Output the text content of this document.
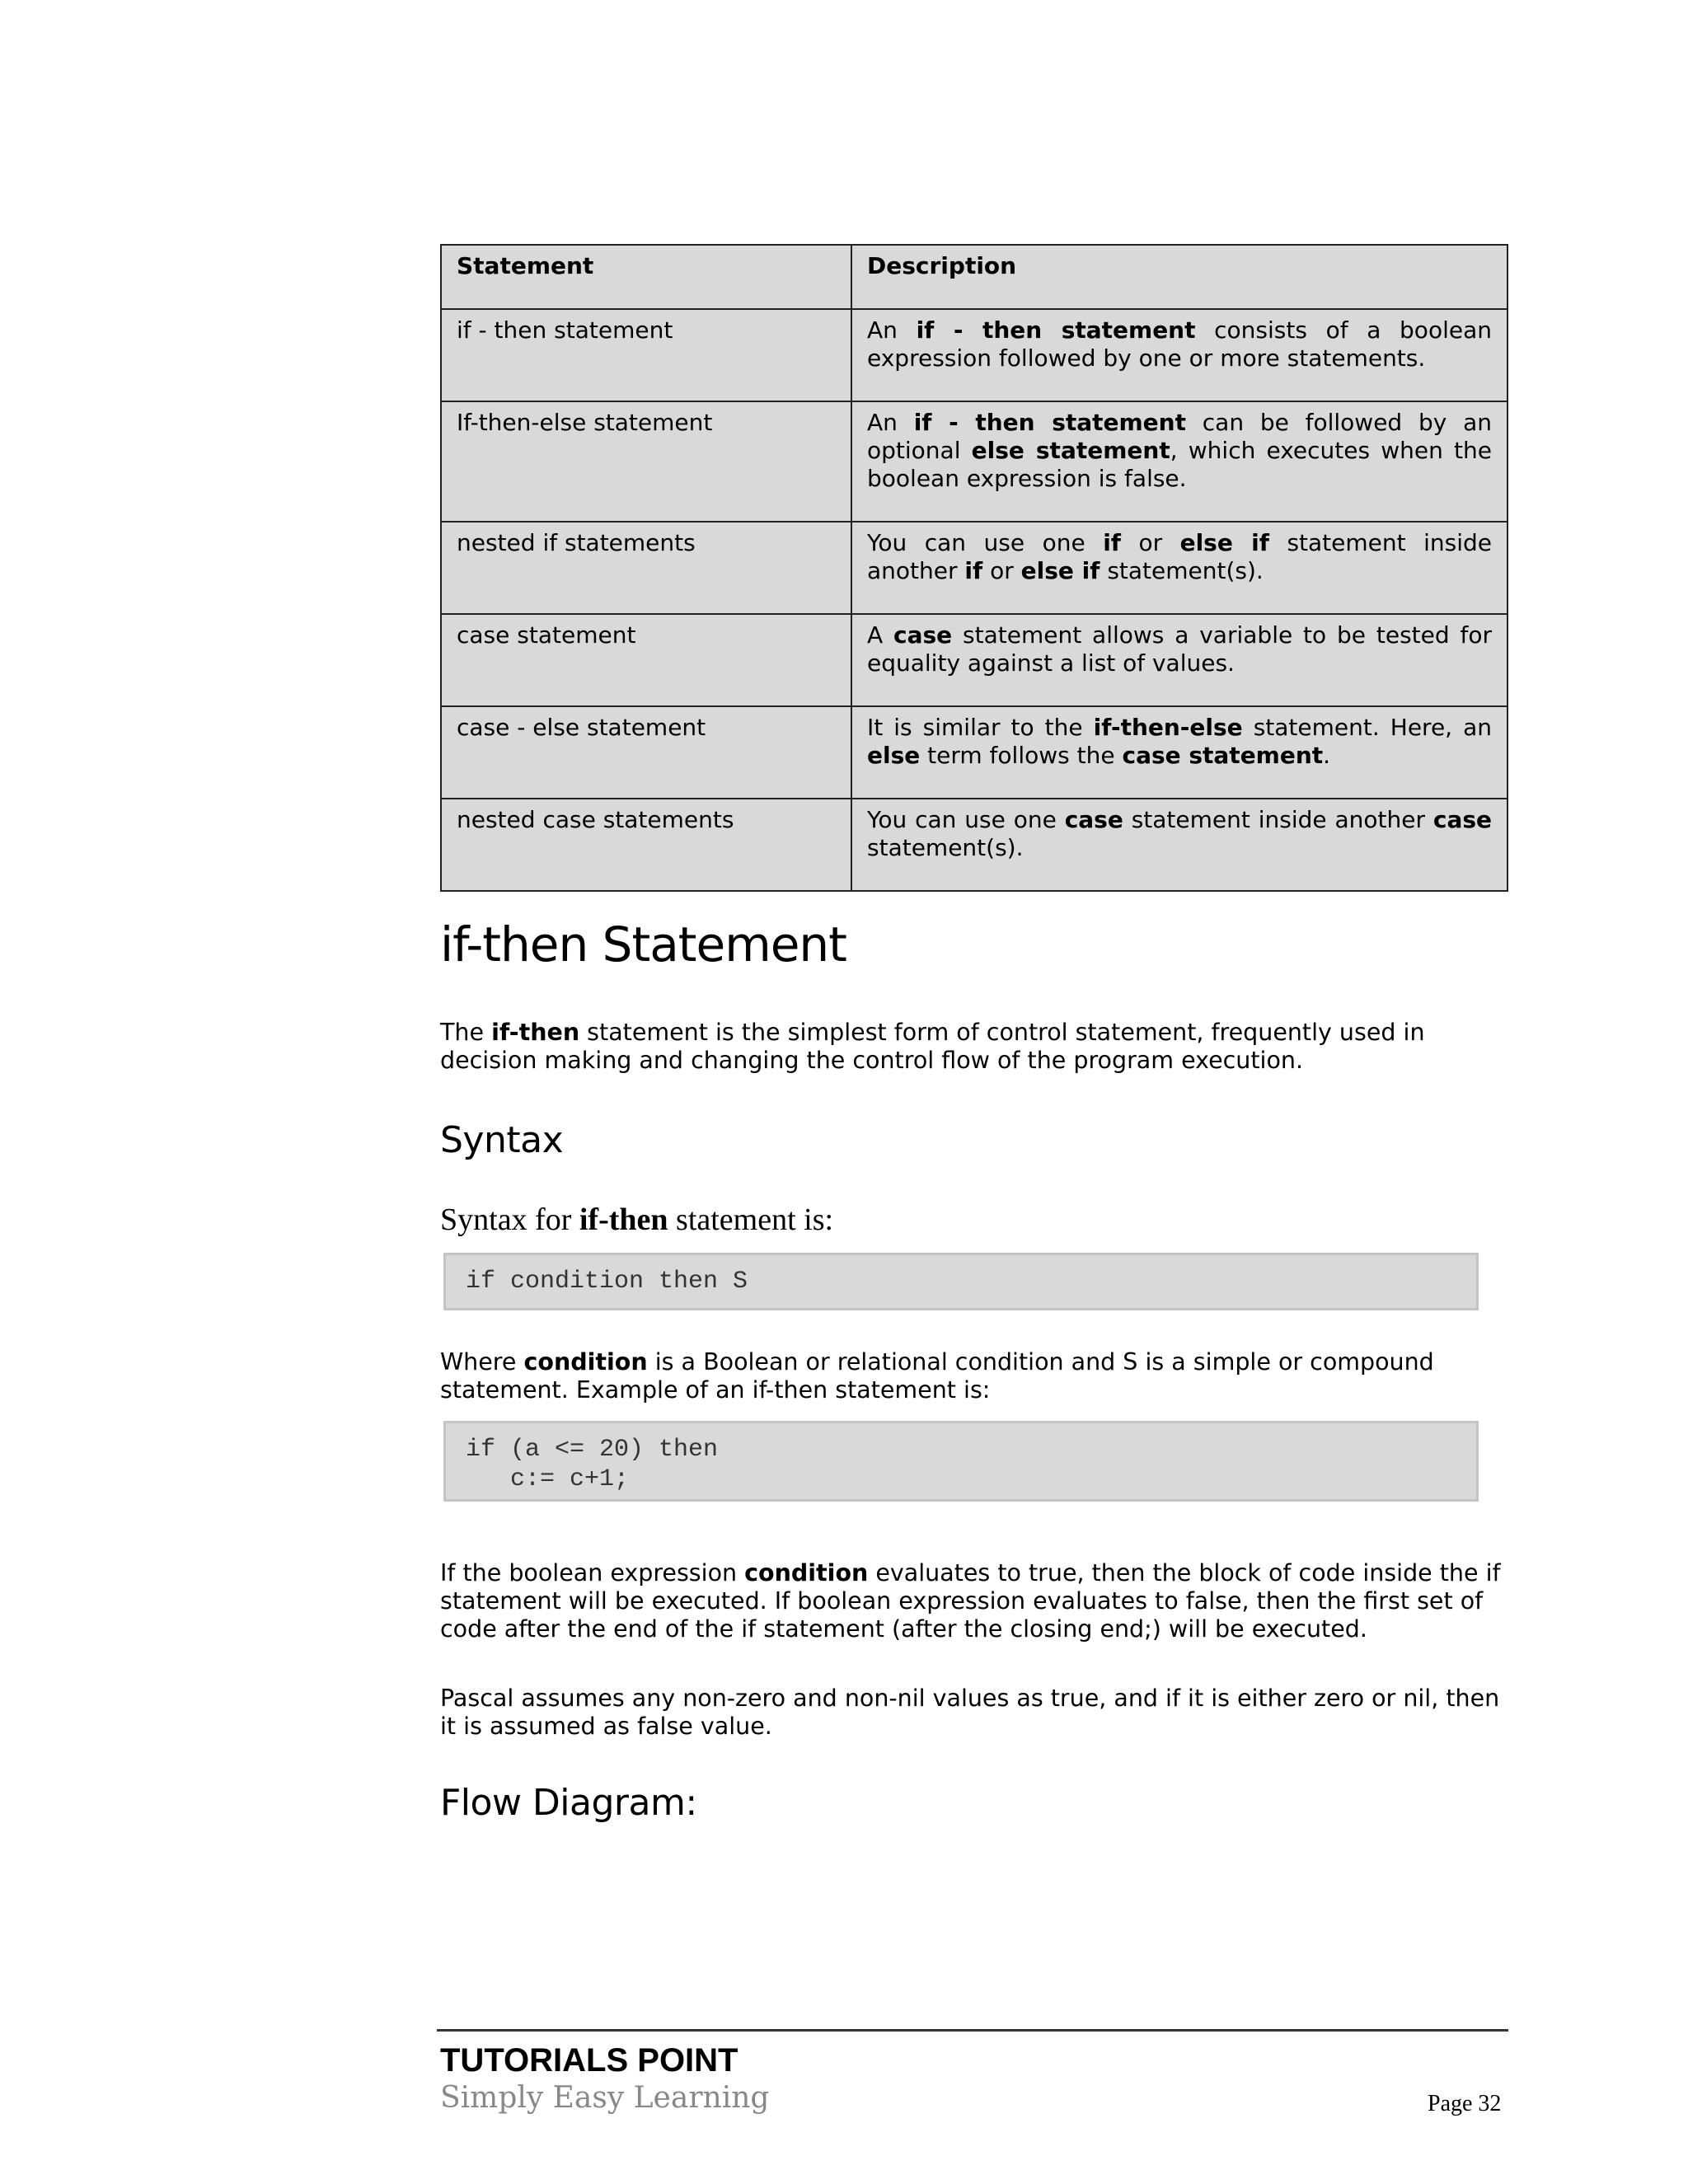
Statement	Description
if - then statement	An if - then statement consists of a boolean expression followed by one or more statements.
If-then-else statement	An if - then statement can be followed by an optional else statement, which executes when the boolean expression is false.
nested if statements	You can use one if or else if statement inside another if or else if statement(s).
case statement	A case statement allows a variable to be tested for equality against a list of values.
case - else statement	It is similar to the if-then-else statement. Here, an else term follows the case statement.
nested case statements	You can use one case statement inside another case statement(s).
if-then Statement

The if-then statement is the simplest form of control statement, frequently used in decision making and changing the control flow of the program execution.

Syntax

Syntax for if-then statement is:

if condition then S

Where condition is a Boolean or relational condition and S is a simple or compound statement. Example of an if-then statement is:

if (a <= 20) then
c:= c+1;

If the boolean expression condition evaluates to true, then the block of code inside the if statement will be executed. If boolean expression evaluates to false, then the first set of code after the end of the if statement (after the closing end;) will be executed.

Pascal assumes any non-zero and non-nil values as true, and if it is either zero or nil, then it is assumed as false value.

Flow Diagram:

TUTORIALS POINT

Simply Easy Learning	Page 32
